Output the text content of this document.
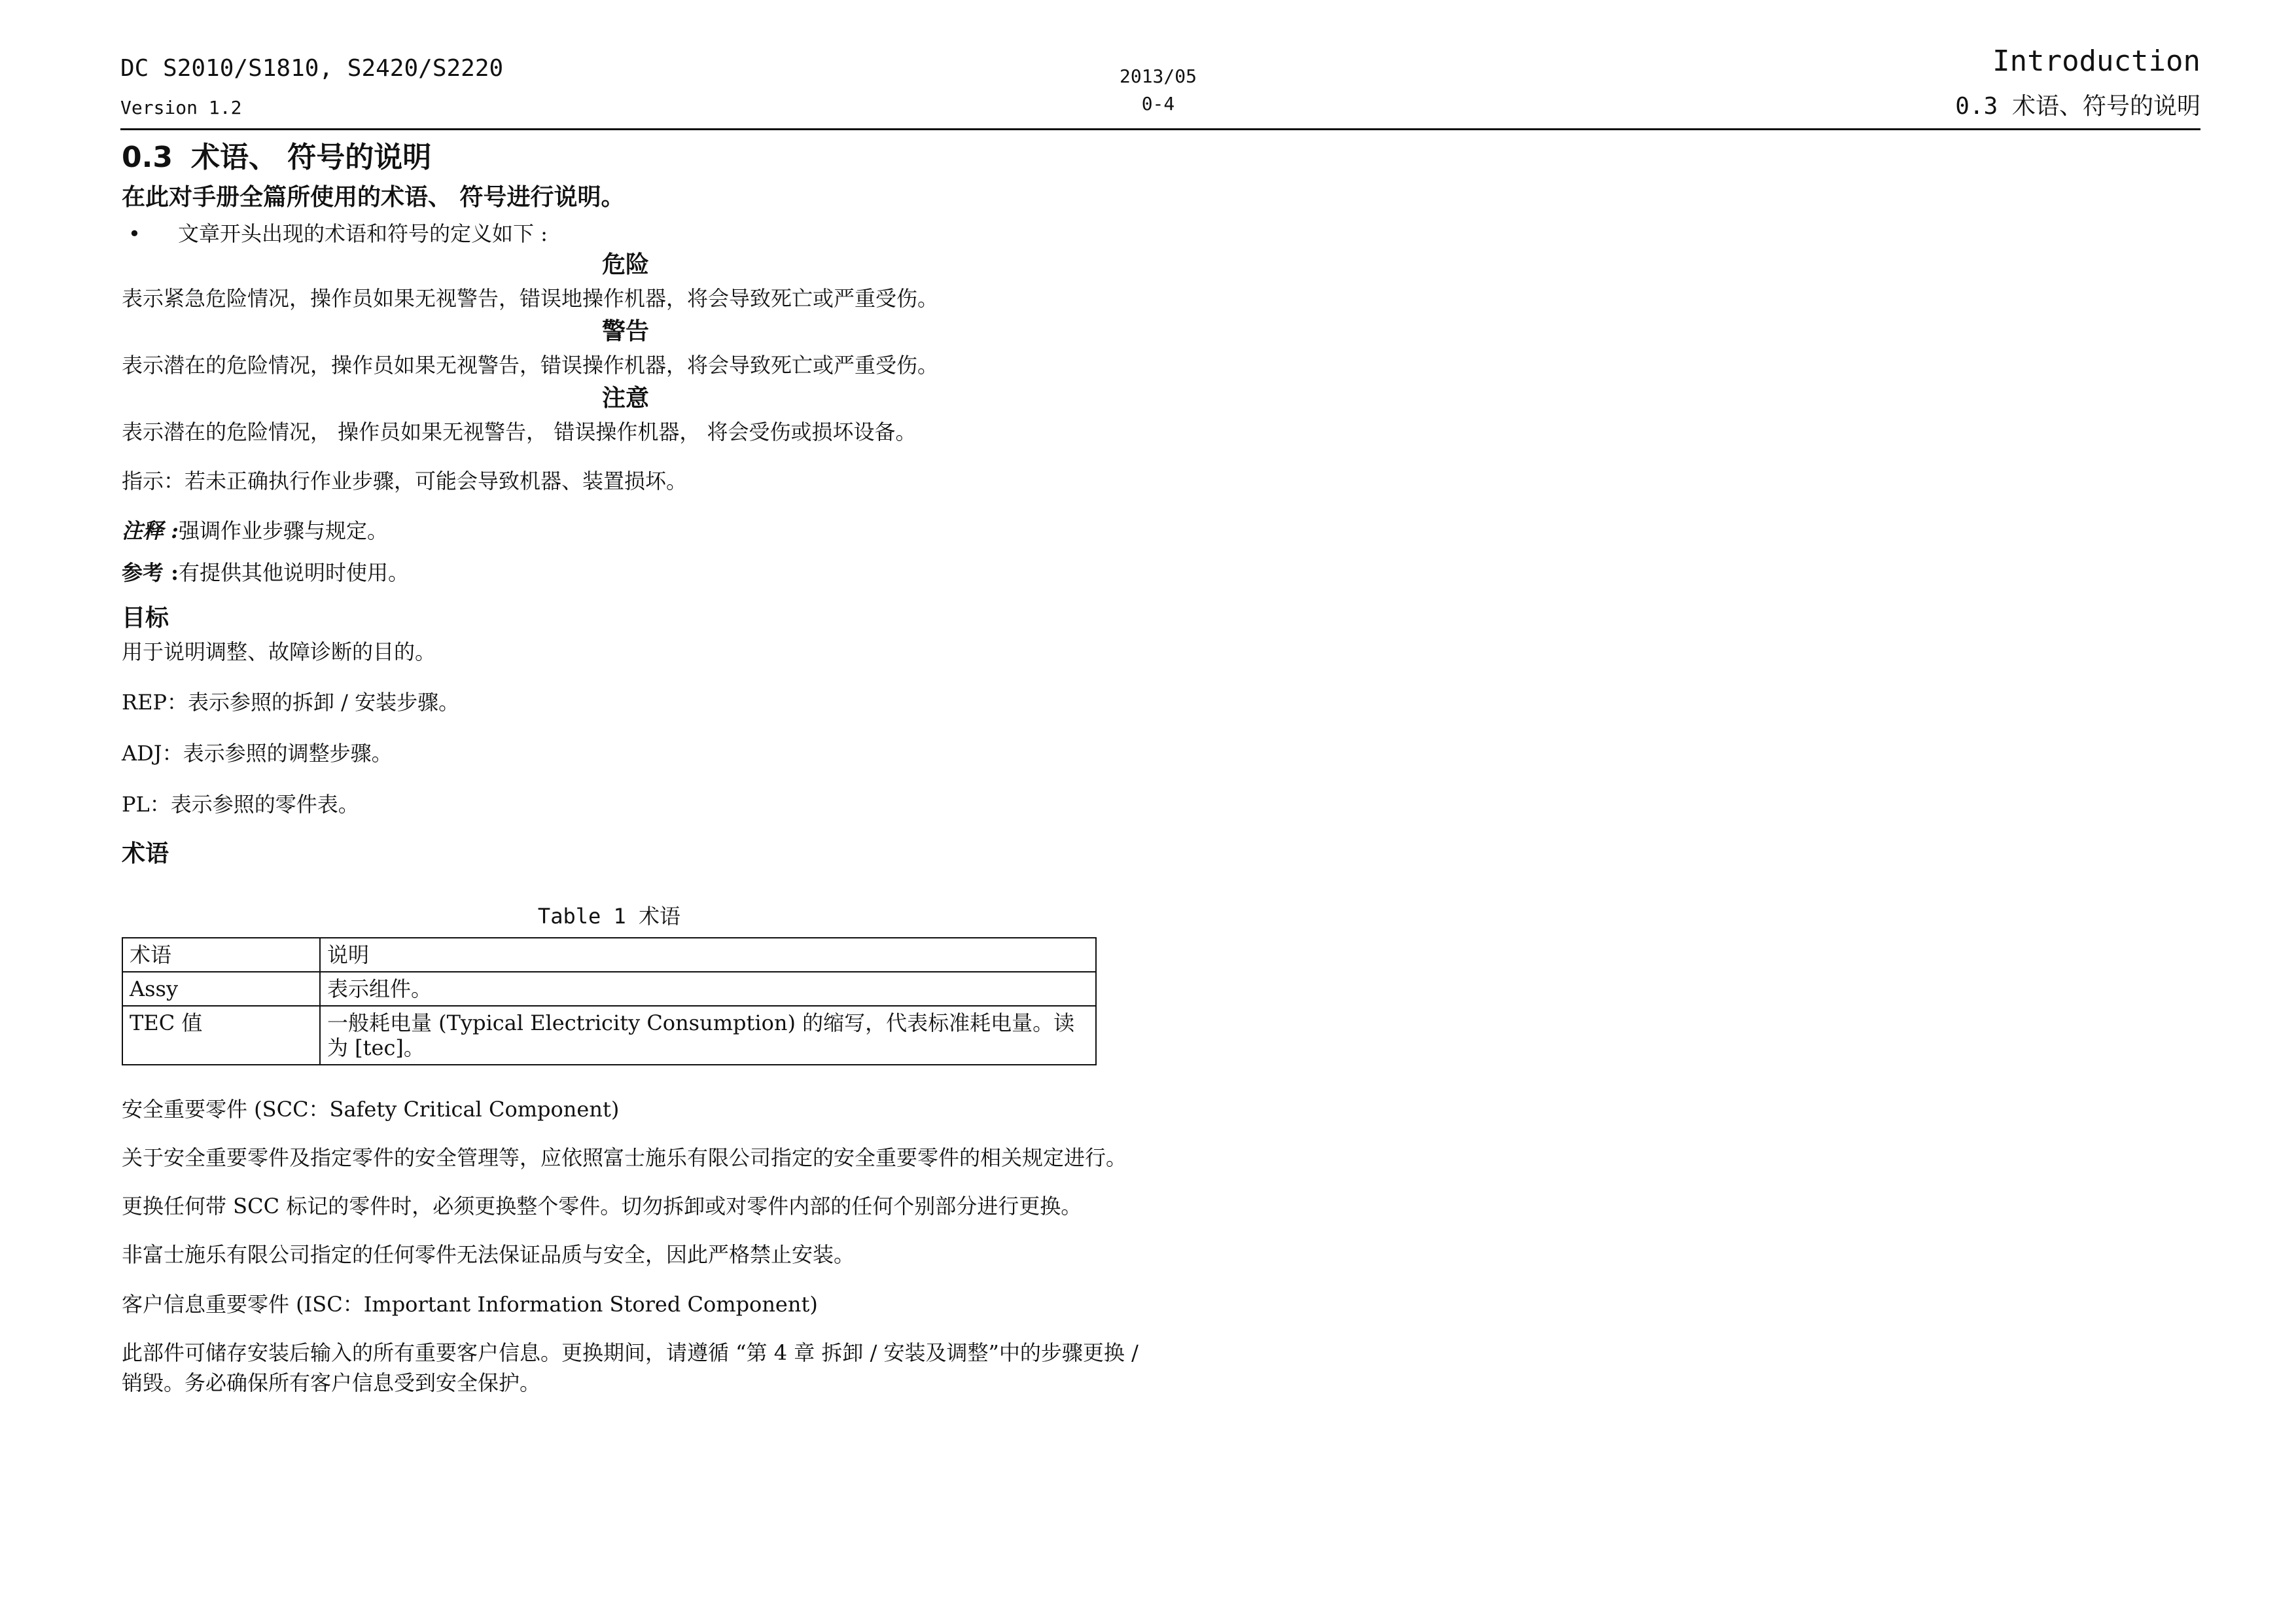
DC S2010/S1810, S2420/S2220
Version 1.2
2013/05
0-4
Introduction
0.3 术语、符号的说明
0.3 术语、 符号的说明

在此对手册全篇所使用的术语、 符号进行说明。

• 文章开头出现的术语和符号的定义如下 :

危险

表示紧急危险情况，操作员如果无视警告，错误地操作机器，将会导致死亡或严重受伤。

警告

表示潜在的危险情况，操作员如果无视警告，错误操作机器，将会导致死亡或严重受伤。

注意

表示潜在的危险情况， 操作员如果无视警告， 错误操作机器， 将会受伤或损坏设备。

指示：若未正确执行作业步骤，可能会导致机器、装置损坏。

注释 :强调作业步骤与规定。

参考 :有提供其他说明时使用。

目标

用于说明调整、故障诊断的目的。

REP：表示参照的拆卸 / 安装步骤。

ADJ：表示参照的调整步骤。

PL：表示参照的零件表。

术语

Table 1 术语

术语	说明
Assy	表示组件。
TEC 值	一般耗电量 (Typical Electricity Consumption) 的缩写，代表标准耗电量。读为 [tec]。

安全重要零件 (SCC：Safety Critical Component)

关于安全重要零件及指定零件的安全管理等，应依照富士施乐有限公司指定的安全重要零件的相关规定进行。

更换任何带 SCC 标记的零件时，必须更换整个零件。切勿拆卸或对零件内部的任何个别部分进行更换。

非富士施乐有限公司指定的任何零件无法保证品质与安全，因此严格禁止安装。

客户信息重要零件 (ISC：Important Information Stored Component)

此部件可储存安装后输入的所有重要客户信息。更换期间，请遵循 “第 4 章 拆卸 / 安装及调整”中的步骤更换 / 销毁。务必确保所有客户信息受到安全保护。
